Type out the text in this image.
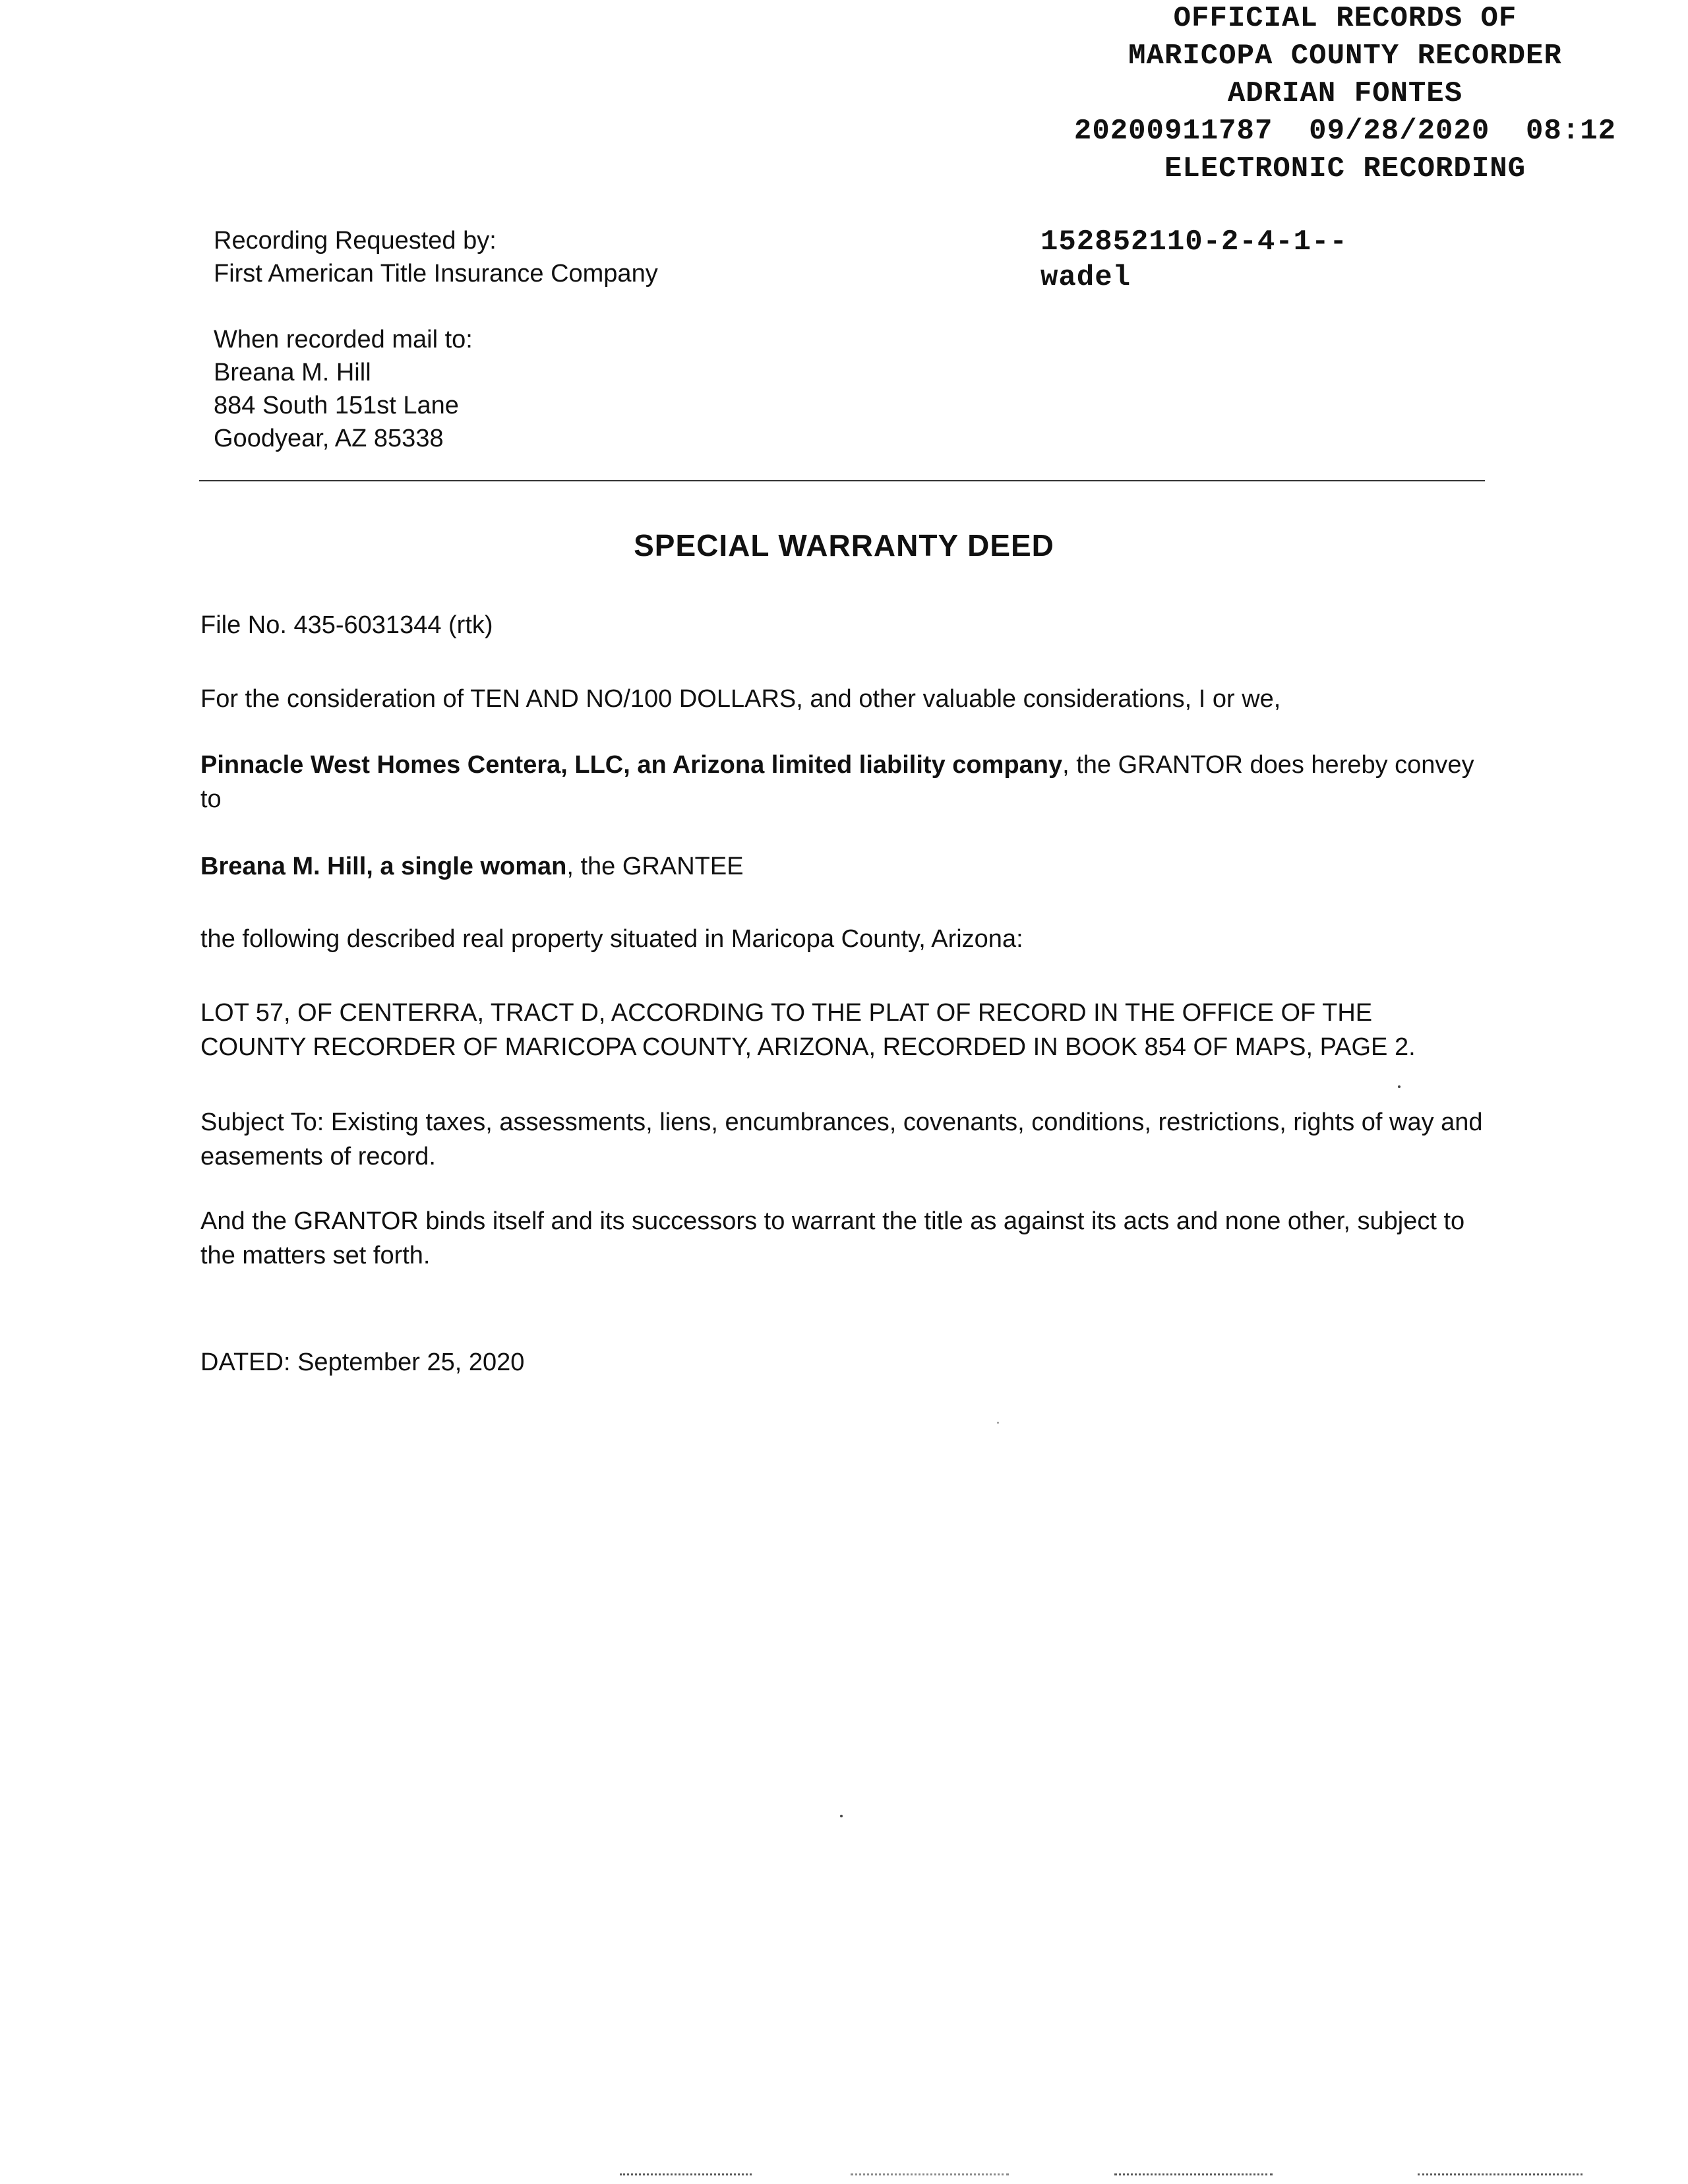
OFFICIAL RECORDS OF
MARICOPA COUNTY RECORDER
ADRIAN FONTES
20200911787  09/28/2020  08:12
ELECTRONIC RECORDING
152852110-2-4-1--
wadel
Recording Requested by:
First American Title Insurance Company
When recorded mail to:
Breana M. Hill
884 South 151st Lane
Goodyear, AZ 85338
SPECIAL WARRANTY DEED
File No. 435-6031344 (rtk)
For the consideration of TEN AND NO/100 DOLLARS, and other valuable considerations, I or we,
Pinnacle West Homes Centera, LLC, an Arizona limited liability company, the GRANTOR does hereby convey to
Breana M. Hill, a single woman, the GRANTEE
the following described real property situated in Maricopa County, Arizona:
LOT 57, OF CENTERRA, TRACT D, ACCORDING TO THE PLAT OF RECORD IN THE OFFICE OF THE
COUNTY RECORDER OF MARICOPA COUNTY, ARIZONA, RECORDED IN BOOK 854 OF MAPS, PAGE 2.
Subject To: Existing taxes, assessments, liens, encumbrances, covenants, conditions, restrictions, rights of way and easements of record.
And the GRANTOR binds itself and its successors to warrant the title as against its acts and none other, subject to the matters set forth.
DATED: September 25, 2020
